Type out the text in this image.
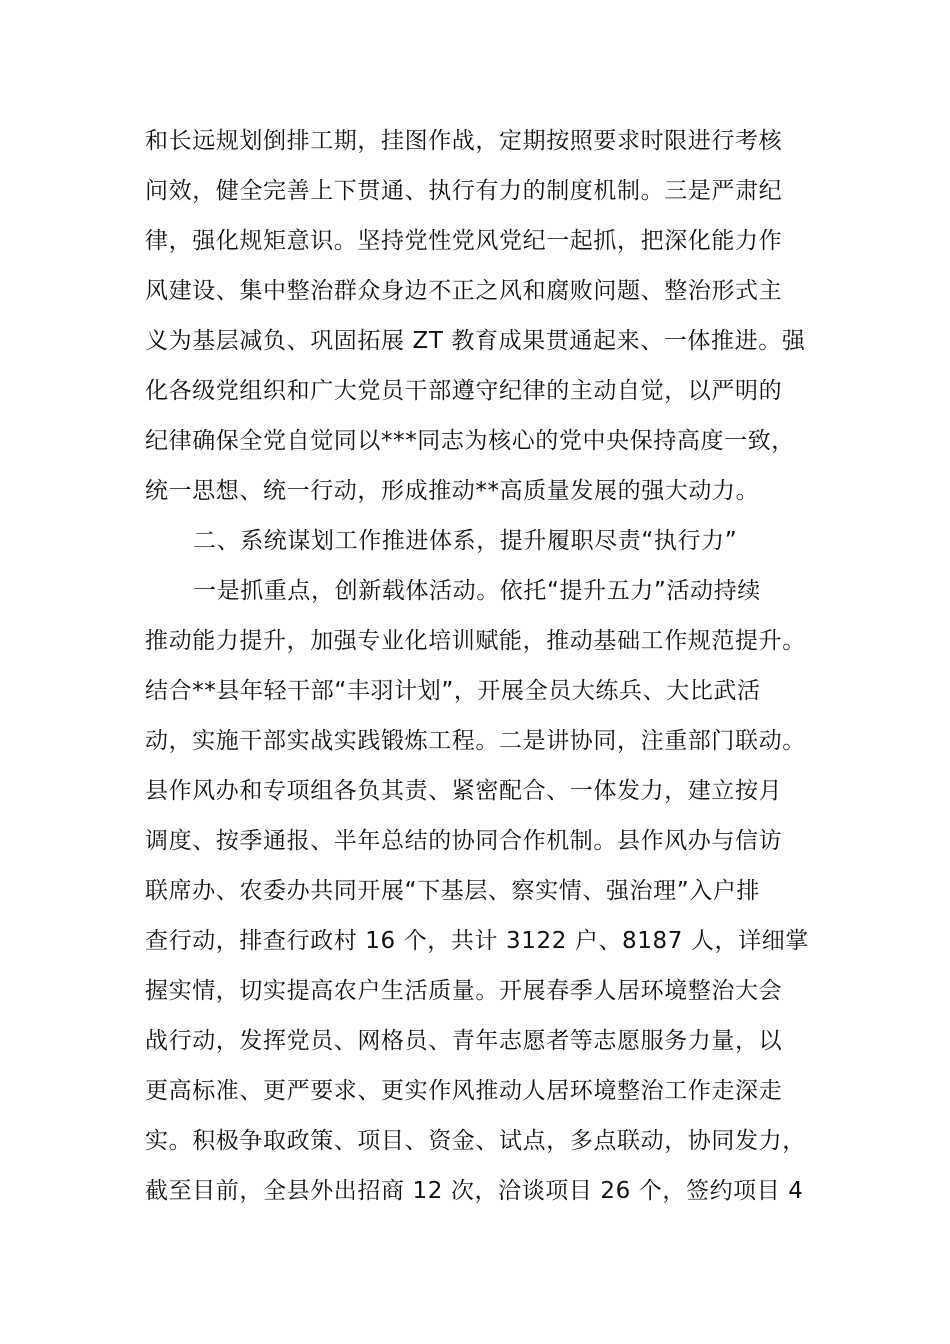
和长远规划倒排工期，挂图作战，定期按照要求时限进行考核
问效，健全完善上下贯通、执行有力的制度机制。三是严肃纪
律，强化规矩意识。坚持党性党风党纪一起抓，把深化能力作
风建设、集中整治群众身边不正之风和腐败问题、整治形式主
义为基层减负、巩固拓展 ZT 教育成果贯通起来、一体推进。强
化各级党组织和广大党员干部遵守纪律的主动自觉，以严明的
纪律确保全党自觉同以***同志为核心的党中央保持高度一致，
统一思想、统一行动，形成推动**高质量发展的强大动力。
二、系统谋划工作推进体系，提升履职尽责“执行力”
一是抓重点，创新载体活动。依托“提升五力”活动持续
推动能力提升，加强专业化培训赋能，推动基础工作规范提升。
结合**县年轻干部“丰羽计划”，开展全员大练兵、大比武活
动，实施干部实战实践锻炼工程。二是讲协同，注重部门联动。
县作风办和专项组各负其责、紧密配合、一体发力，建立按月
调度、按季通报、半年总结的协同合作机制。县作风办与信访
联席办、农委办共同开展“下基层、察实情、强治理”入户排
查行动，排查行政村 16 个，共计 3122 户、8187 人，详细掌
握实情，切实提高农户生活质量。开展春季人居环境整治大会
战行动，发挥党员、网格员、青年志愿者等志愿服务力量，以
更高标准、更严要求、更实作风推动人居环境整治工作走深走
实。积极争取政策、项目、资金、试点，多点联动，协同发力，
截至目前，全县外出招商 12 次，洽谈项目 26 个，签约项目 4
